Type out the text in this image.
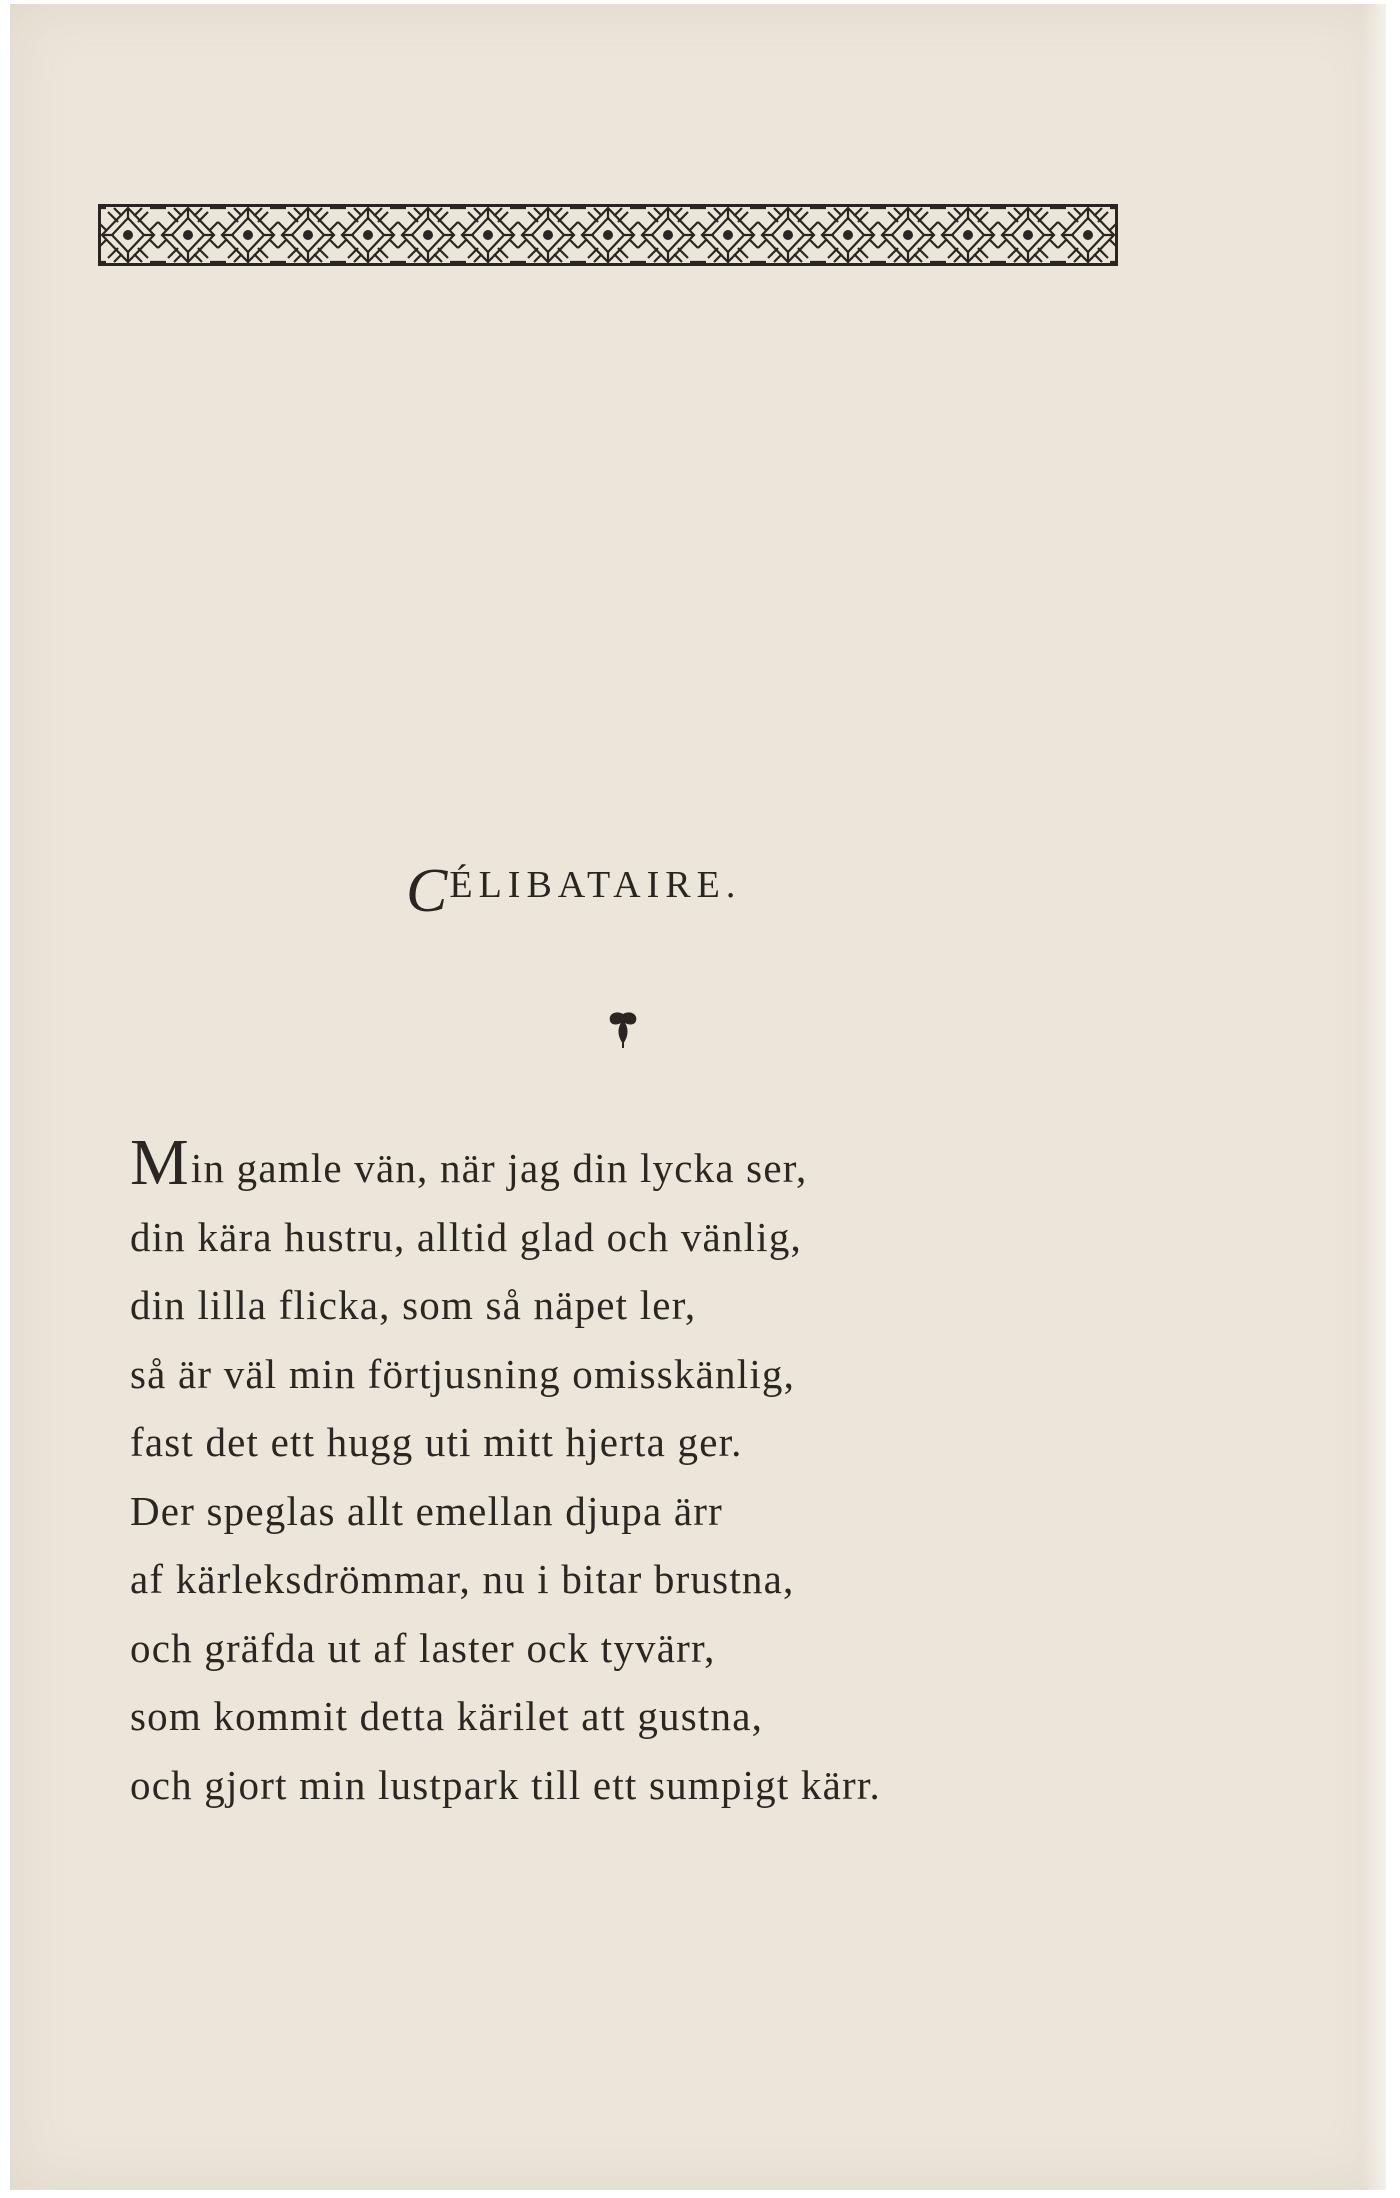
CÉLIBATAIRE.
Min gamle vän, när jag din lycka ser,
din kära hustru, alltid glad och vänlig,
din lilla flicka, som så näpet ler,
så är väl min förtjusning omisskänlig,
fast det ett hugg uti mitt hjerta ger.
Der speglas allt emellan djupa ärr
af kärleksdrömmar, nu i bitar brustna,
och gräfda ut af laster ock tyvärr,
som kommit detta kärilet att gustna,
och gjort min lustpark till ett sumpigt kärr.
